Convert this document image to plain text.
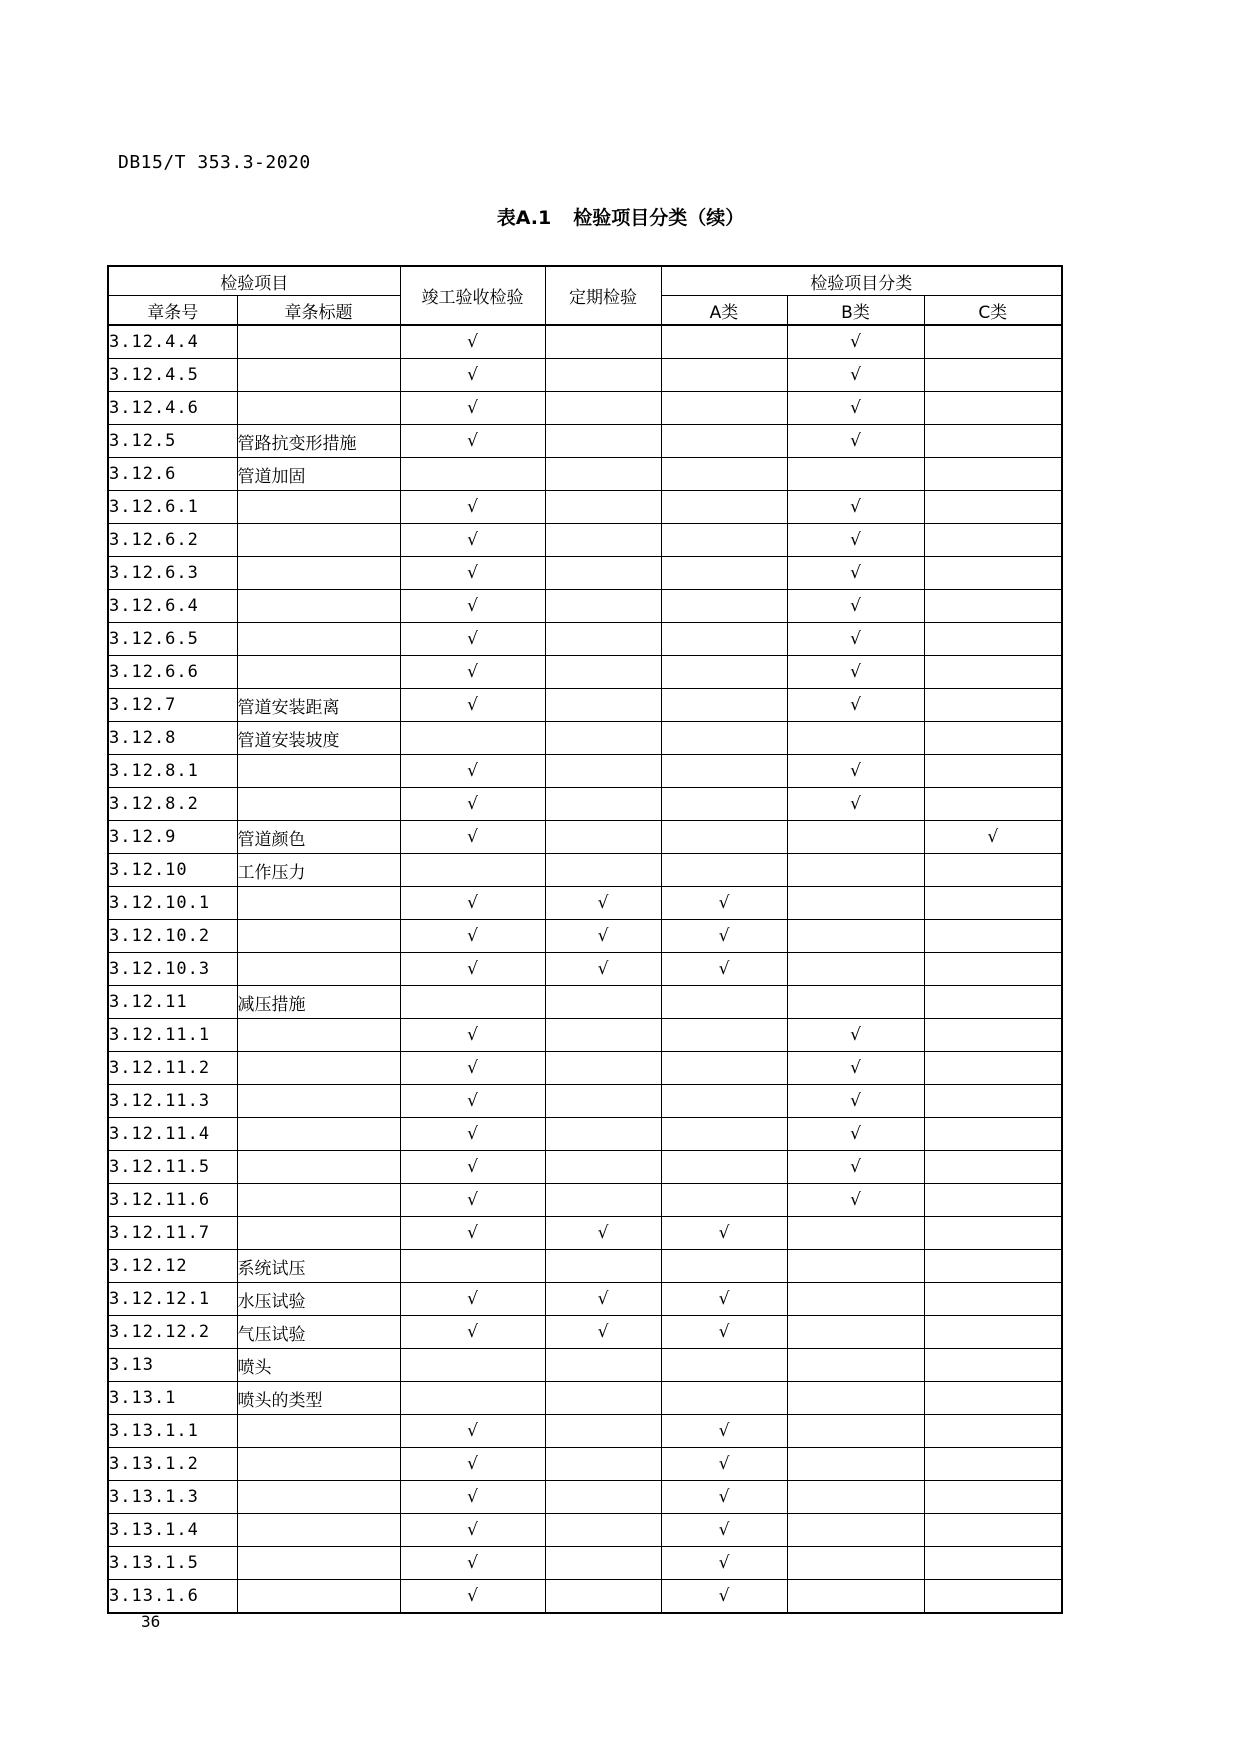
DB15/T 353.3-2020
表A.1 检验项目分类（续）
检验项目		竣工验收检验	定期检验	检验项目分类		
章条号	章条标题			A类	B类	C类
3.12.4.4		√			√	
3.12.4.5		√			√	
3.12.4.6		√			√	
3.12.5	管路抗变形措施	√			√	
3.12.6	管道加固					
3.12.6.1		√			√	
3.12.6.2		√			√	
3.12.6.3		√			√	
3.12.6.4		√			√	
3.12.6.5		√			√	
3.12.6.6		√			√	
3.12.7	管道安装距离	√			√	
3.12.8	管道安装坡度					
3.12.8.1		√			√	
3.12.8.2		√			√	
3.12.9	管道颜色	√				√
3.12.10	工作压力					
3.12.10.1		√	√	√		
3.12.10.2		√	√	√		
3.12.10.3		√	√	√		
3.12.11	减压措施					
3.12.11.1		√			√	
3.12.11.2		√			√	
3.12.11.3		√			√	
3.12.11.4		√			√	
3.12.11.5		√			√	
3.12.11.6		√			√	
3.12.11.7		√	√	√		
3.12.12	系统试压					
3.12.12.1	水压试验	√	√	√		
3.12.12.2	气压试验	√	√	√		
3.13	喷头					
3.13.1	喷头的类型					
3.13.1.1		√		√		
3.13.1.2		√		√		
3.13.1.3		√		√		
3.13.1.4		√		√		
3.13.1.5		√		√		
3.13.1.6		√		√		
36
